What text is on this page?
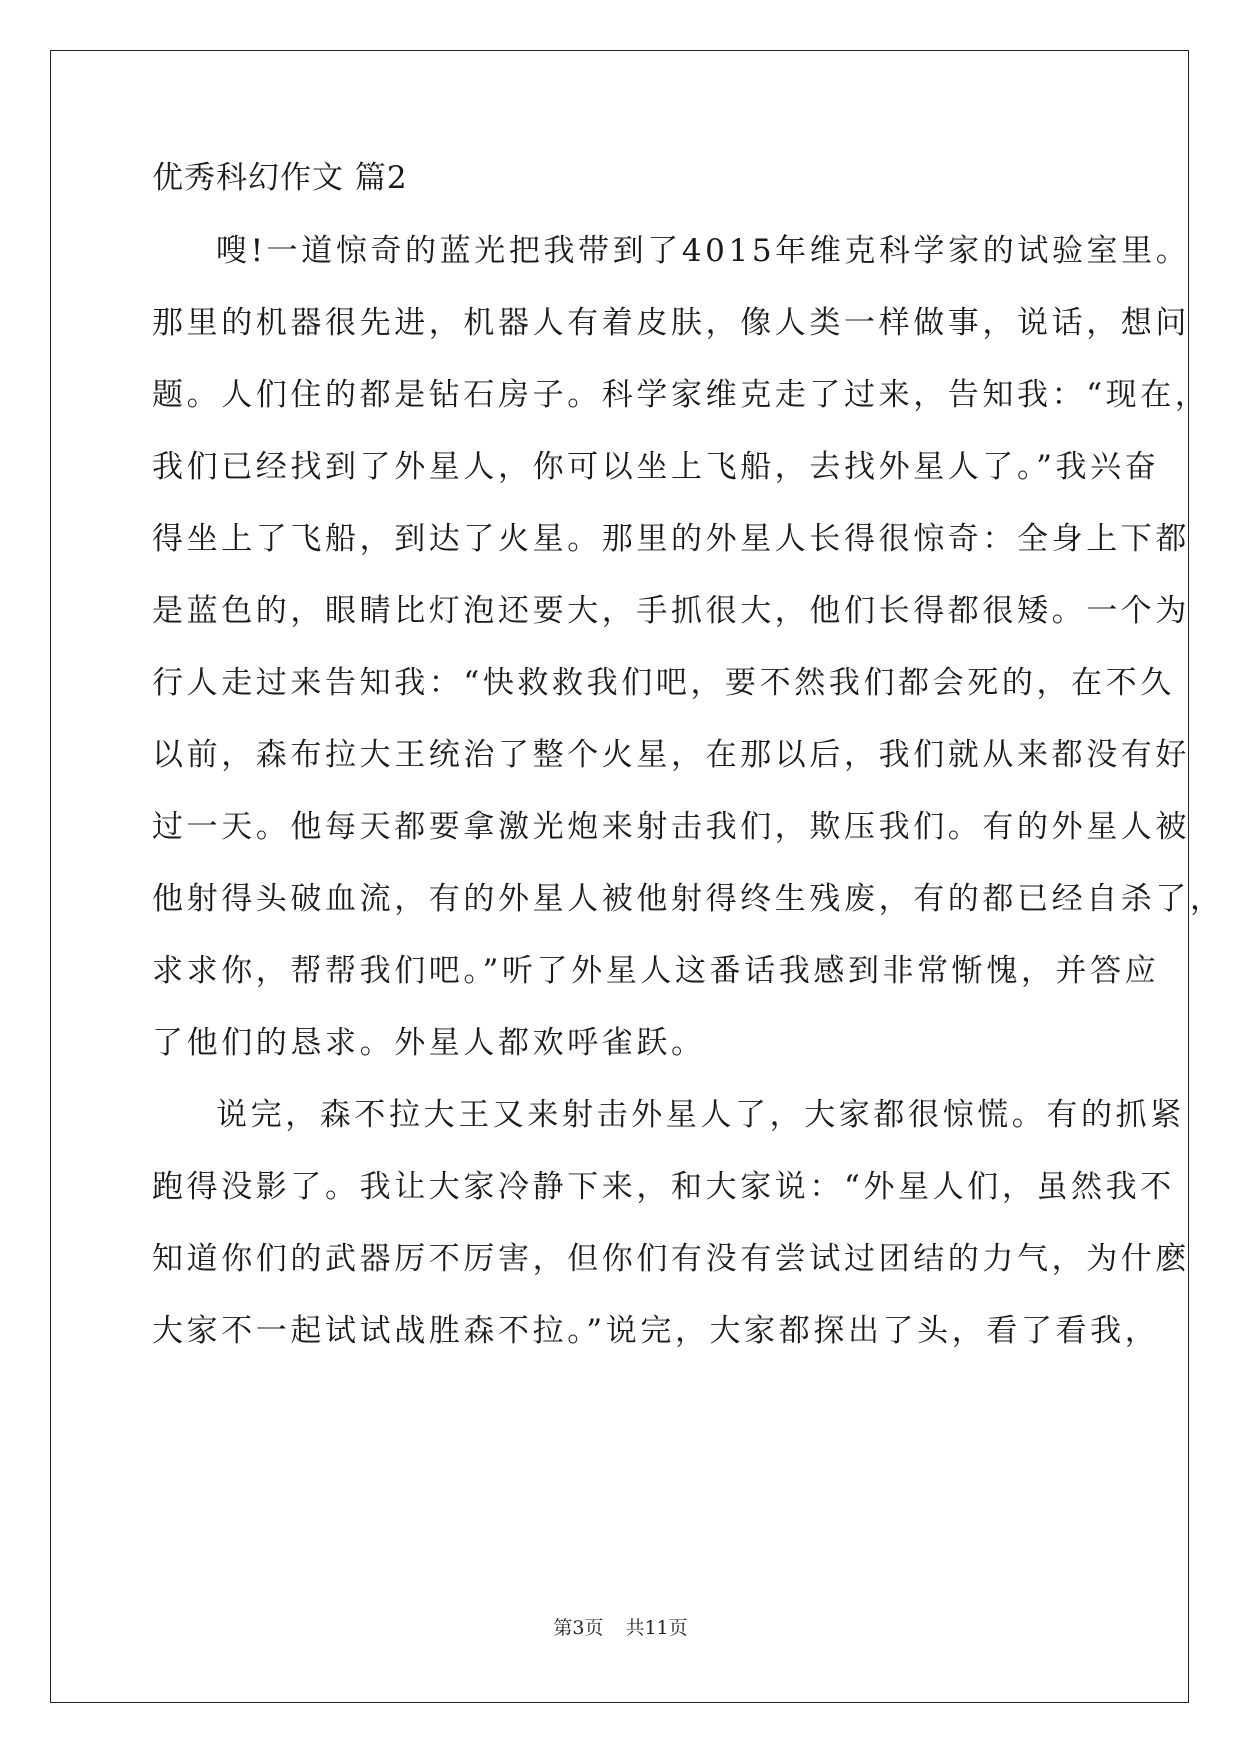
优秀科幻作文 篇2

嗖!一道惊奇的蓝光把我带到了4015年维克科学家的试验室里。

那里的机器很先进，机器人有着皮肤，像人类一样做事，说话，想问

题。人们住的都是钻石房子。科学家维克走了过来，告知我：“现在，

我们已经找到了外星人，你可以坐上飞船，去找外星人了。”我兴奋

得坐上了飞船，到达了火星。那里的外星人长得很惊奇：全身上下都

是蓝色的，眼睛比灯泡还要大，手抓很大，他们长得都很矮。一个为

行人走过来告知我：“快救救我们吧，要不然我们都会死的，在不久

以前，森布拉大王统治了整个火星，在那以后，我们就从来都没有好

过一天。他每天都要拿激光炮来射击我们，欺压我们。有的外星人被

他射得头破血流，有的外星人被他射得终生残废，有的都已经自杀了，

求求你，帮帮我们吧。”听了外星人这番话我感到非常惭愧，并答应

了他们的恳求。外星人都欢呼雀跃。

说完，森不拉大王又来射击外星人了，大家都很惊慌。有的抓紧

跑得没影了。我让大家冷静下来，和大家说：“外星人们，虽然我不

知道你们的武器厉不厉害，但你们有没有尝试过团结的力气，为什麽

大家不一起试试战胜森不拉。”说完，大家都探出了头，看了看我，

第3页 共11页
